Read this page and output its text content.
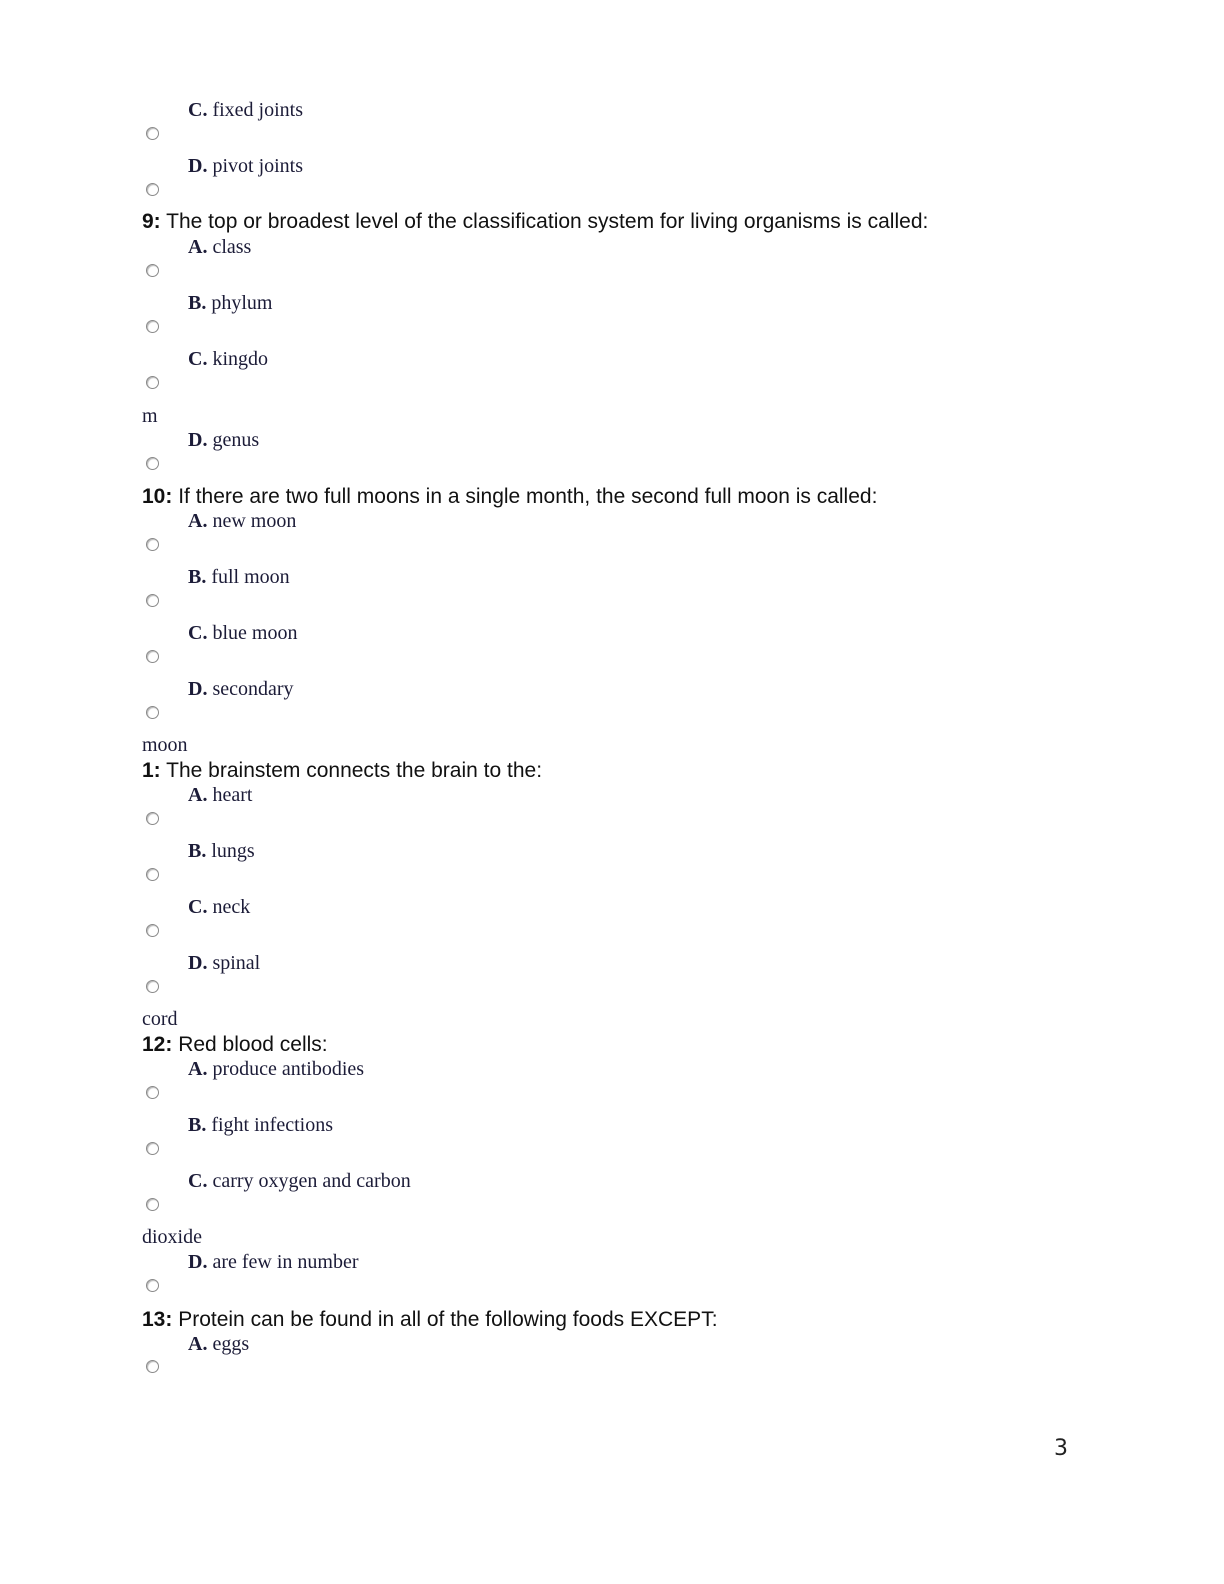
C. fixed joints
D. pivot joints
9: The top or broadest level of the classification system for living organisms is called:
A. class
B. phylum
C. kingdo
m
D. genus
10: If there are two full moons in a single month, the second full moon is called:
A. new moon
B. full moon
C. blue moon
D. secondary
moon
1: The brainstem connects the brain to the:
A. heart
B. lungs
C. neck
D. spinal
cord
12: Red blood cells:
A. produce antibodies
B. fight infections
C. carry oxygen and carbon
dioxide
D. are few in number
13: Protein can be found in all of the following foods EXCEPT:
A. eggs
3
